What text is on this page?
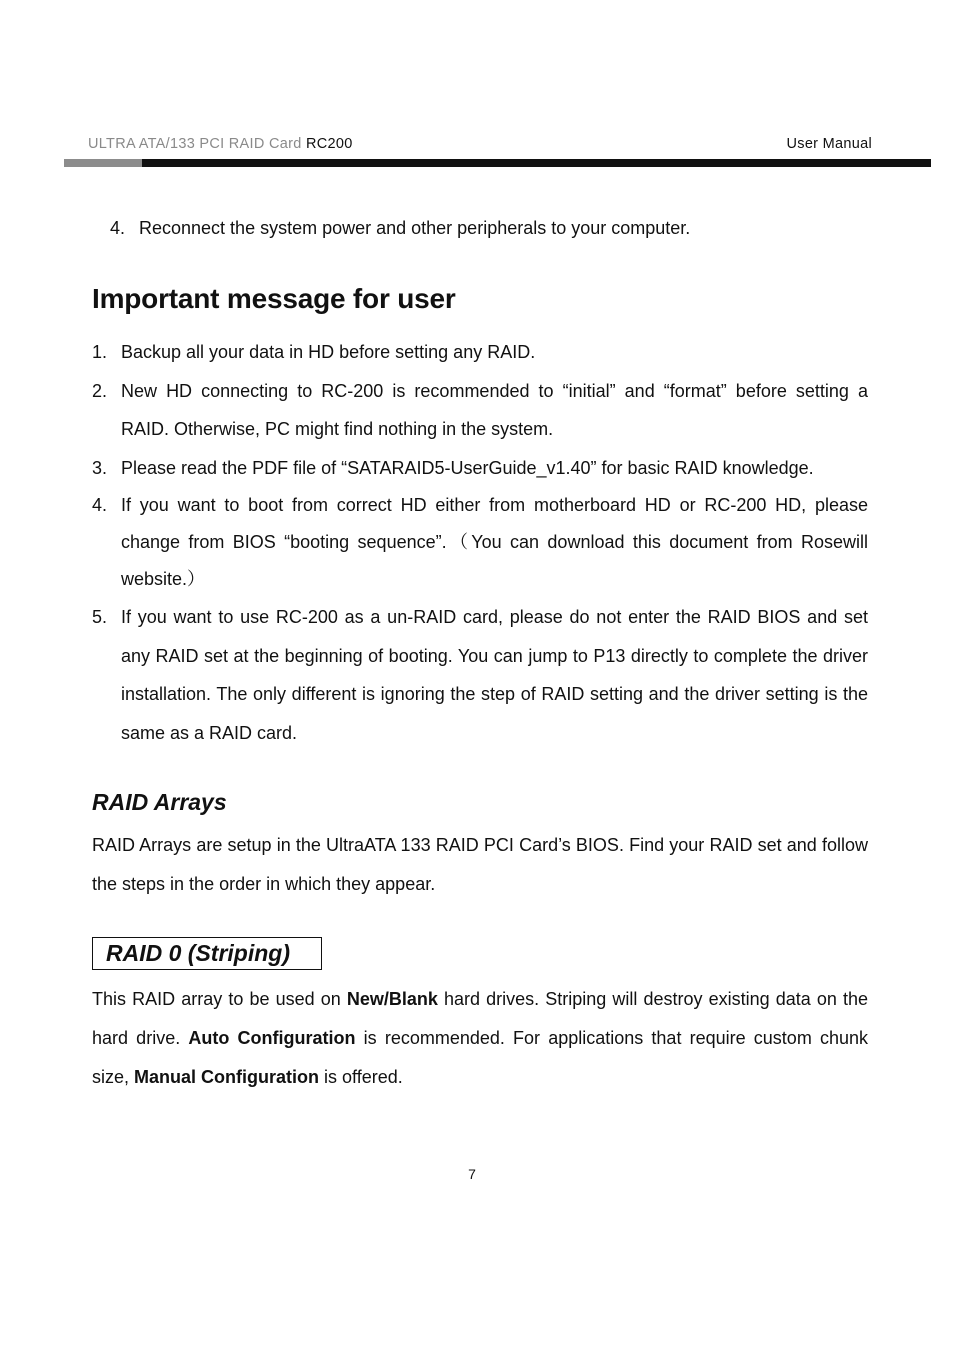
ULTRA ATA/133 PCI RAID Card RC200	User Manual
4. Reconnect the system power and other peripherals to your computer.
Important message for user
1. Backup all your data in HD before setting any RAID.
2. New HD connecting to RC-200 is recommended to “initial” and “format” before setting a RAID. Otherwise, PC might find nothing in the system.
3. Please read the PDF file of “SATARAID5-UserGuide_v1.40” for basic RAID knowledge.
4. If you want to boot from correct HD either from motherboard HD or RC-200 HD, please change from BIOS “booting sequence”.（You can download this document from Rosewill website.）
5. If you want to use RC-200 as a un-RAID card, please do not enter the RAID BIOS and set any RAID set at the beginning of booting. You can jump to P13 directly to complete the driver installation. The only different is ignoring the step of RAID setting and the driver setting is the same as a RAID card.
RAID Arrays
RAID Arrays are setup in the UltraATA 133 RAID PCI Card’s BIOS. Find your RAID set and follow the steps in the order in which they appear.
RAID 0 (Striping)
This RAID array to be used on New/Blank hard drives. Striping will destroy existing data on the hard drive. Auto Configuration is recommended. For applications that require custom chunk size, Manual Configuration is offered.
7
